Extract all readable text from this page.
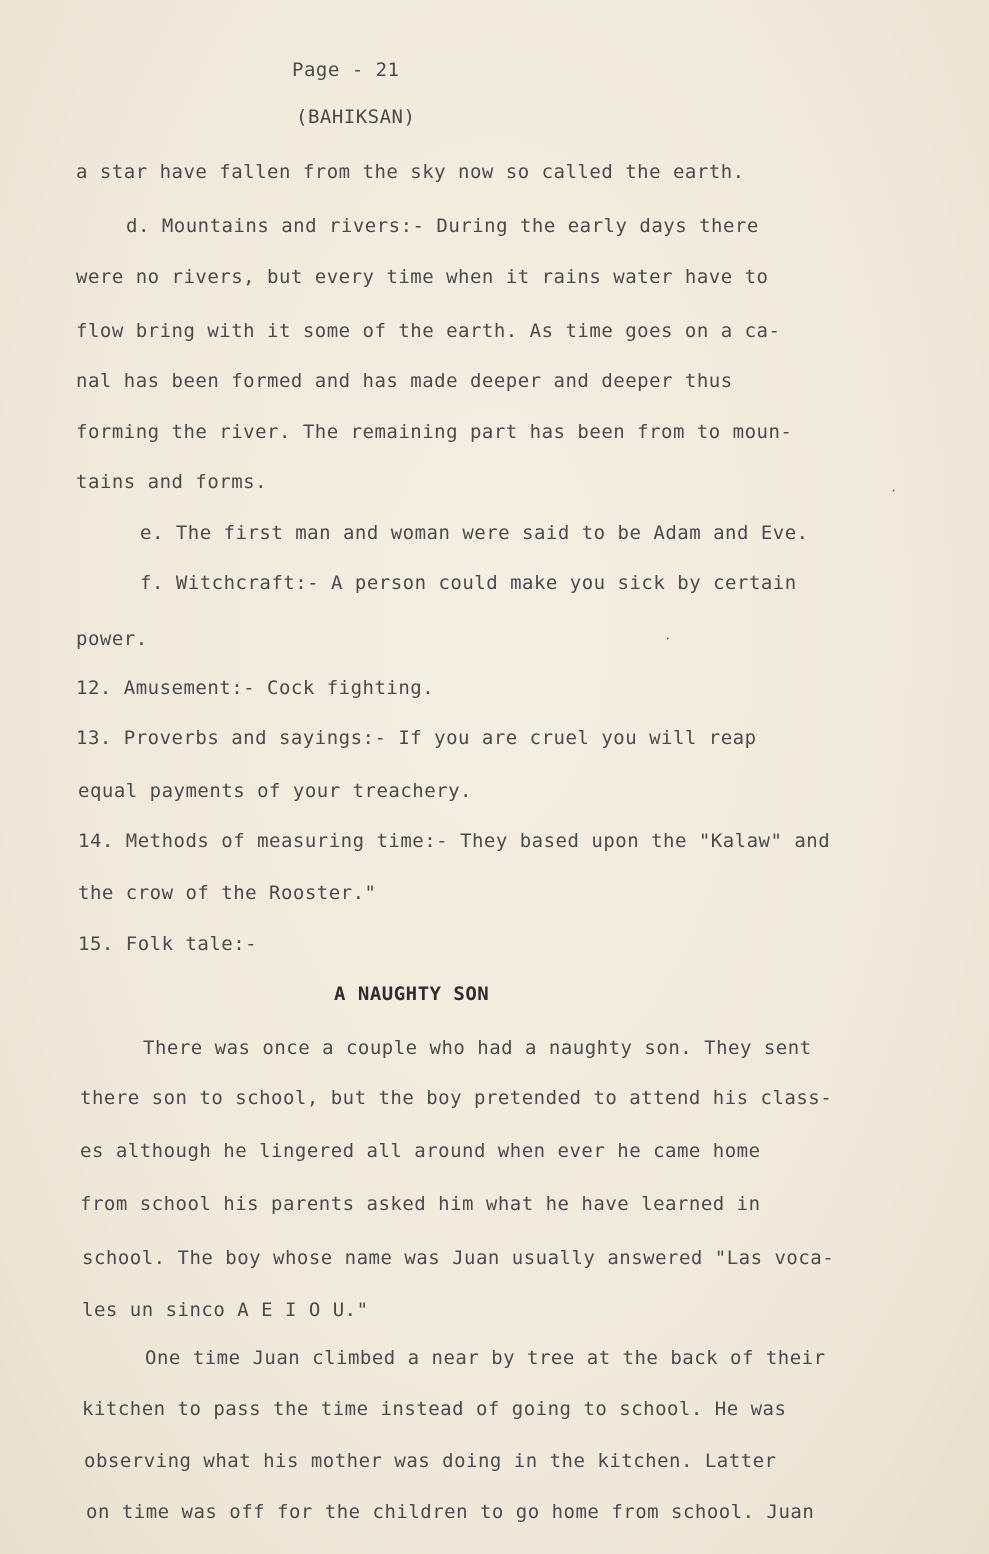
Page - 21
(BAHIKSAN)
a star have fallen from the sky now so called the earth.
d. Mountains and rivers:- During the early days there
were no rivers, but every time when it rains water have to
flow bring with it some of the earth. As time goes on a ca-
nal has been formed and has made deeper and deeper thus
forming the river. The remaining part has been from to moun-
tains and forms.
e. The first man and woman were said to be Adam and Eve.
f. Witchcraft:- A person could make you sick by certain
power.
12. Amusement:- Cock fighting.
13. Proverbs and sayings:- If you are cruel you will reap
equal payments of your treachery.
14. Methods of measuring time:- They based upon the "Kalaw" and
the crow of the Rooster."
15. Folk tale:-
A NAUGHTY SON
There was once a couple who had a naughty son. They sent
there son to school, but the boy pretended to attend his class-
es although he lingered all around when ever he came home
from school his parents asked him what he have learned in
school. The boy whose name was Juan usually answered "Las voca-
les un sinco A E I O U."
One time Juan climbed a near by tree at the back of their
kitchen to pass the time instead of going to school. He was
observing what his mother was doing in the kitchen. Latter
on time was off for the children to go home from school. Juan
·
·
